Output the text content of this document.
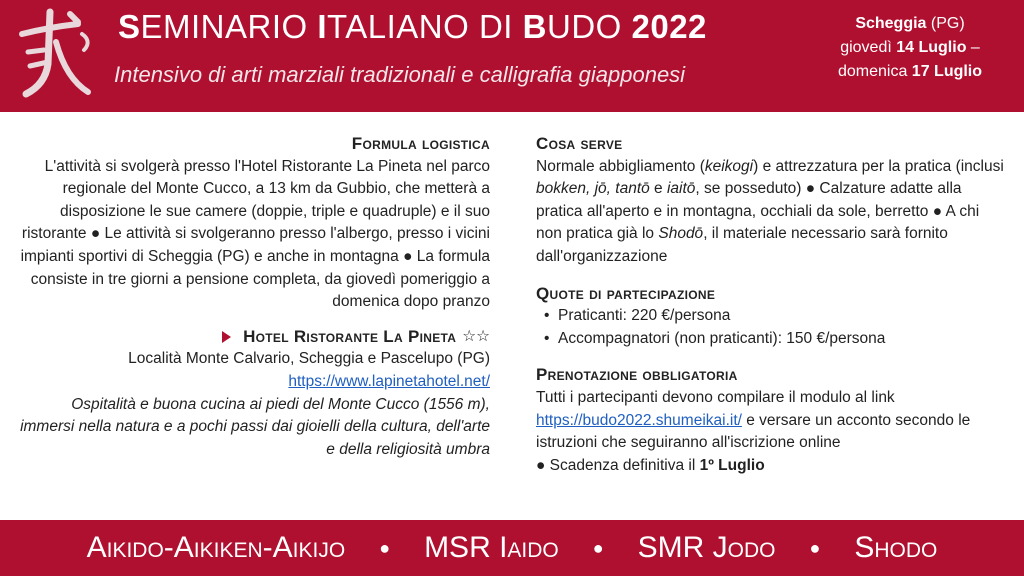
SEMINARIO ITALIANO DI BUDO 2022
Intensivo di arti marziali tradizionali e calligrafia giapponesi
Scheggia (PG)
giovedì 14 Luglio –
domenica 17 Luglio
Formula logistica

L'attività si svolgerà presso l'Hotel Ristorante La Pineta nel parco regionale del Monte Cucco, a 13 km da Gubbio, che metterà a disposizione le sue camere (doppie, triple e quadruple) e il suo ristorante ● Le attività si svolgeranno presso l'albergo, presso i vicini impianti sportivi di Scheggia (PG) e anche in montagna ● La formula consiste in tre giorni a pensione completa, da giovedì pomeriggio a domenica dopo pranzo

Hotel Ristorante La Pineta ☆☆

Località Monte Calvario, Scheggia e Pascelupo (PG)

https://www.lapinetahotel.net/

Ospitalità e buona cucina ai piedi del Monte Cucco (1556 m), immersi nella natura e a pochi passi dai gioielli della cultura, dell'arte e della religiosità umbra

Cosa serve

Normale abbigliamento (keikogi) e attrezzatura per la pratica (inclusi bokken, jō, tantō e iaitō, se posseduto) ● Calzature adatte alla pratica all'aperto e in montagna, occhiali da sole, berretto ● A chi non pratica già lo Shodō, il materiale necessario sarà fornito dall'organizzazione

Quote di partecipazione
• Praticanti: 220 €/persona
• Accompagnatori (non praticanti): 150 €/persona
Prenotazione obbligatoria

Tutti i partecipanti devono compilare il modulo al link
https://budo2022.shumeikai.it/ e versare un acconto secondo le istruzioni che seguiranno all'iscrizione online

● Scadenza definitiva il 1º Luglio

Aikido-Aikiken-Aikijo ● MSR Iaido ● SMR Jodo ● Shodo
